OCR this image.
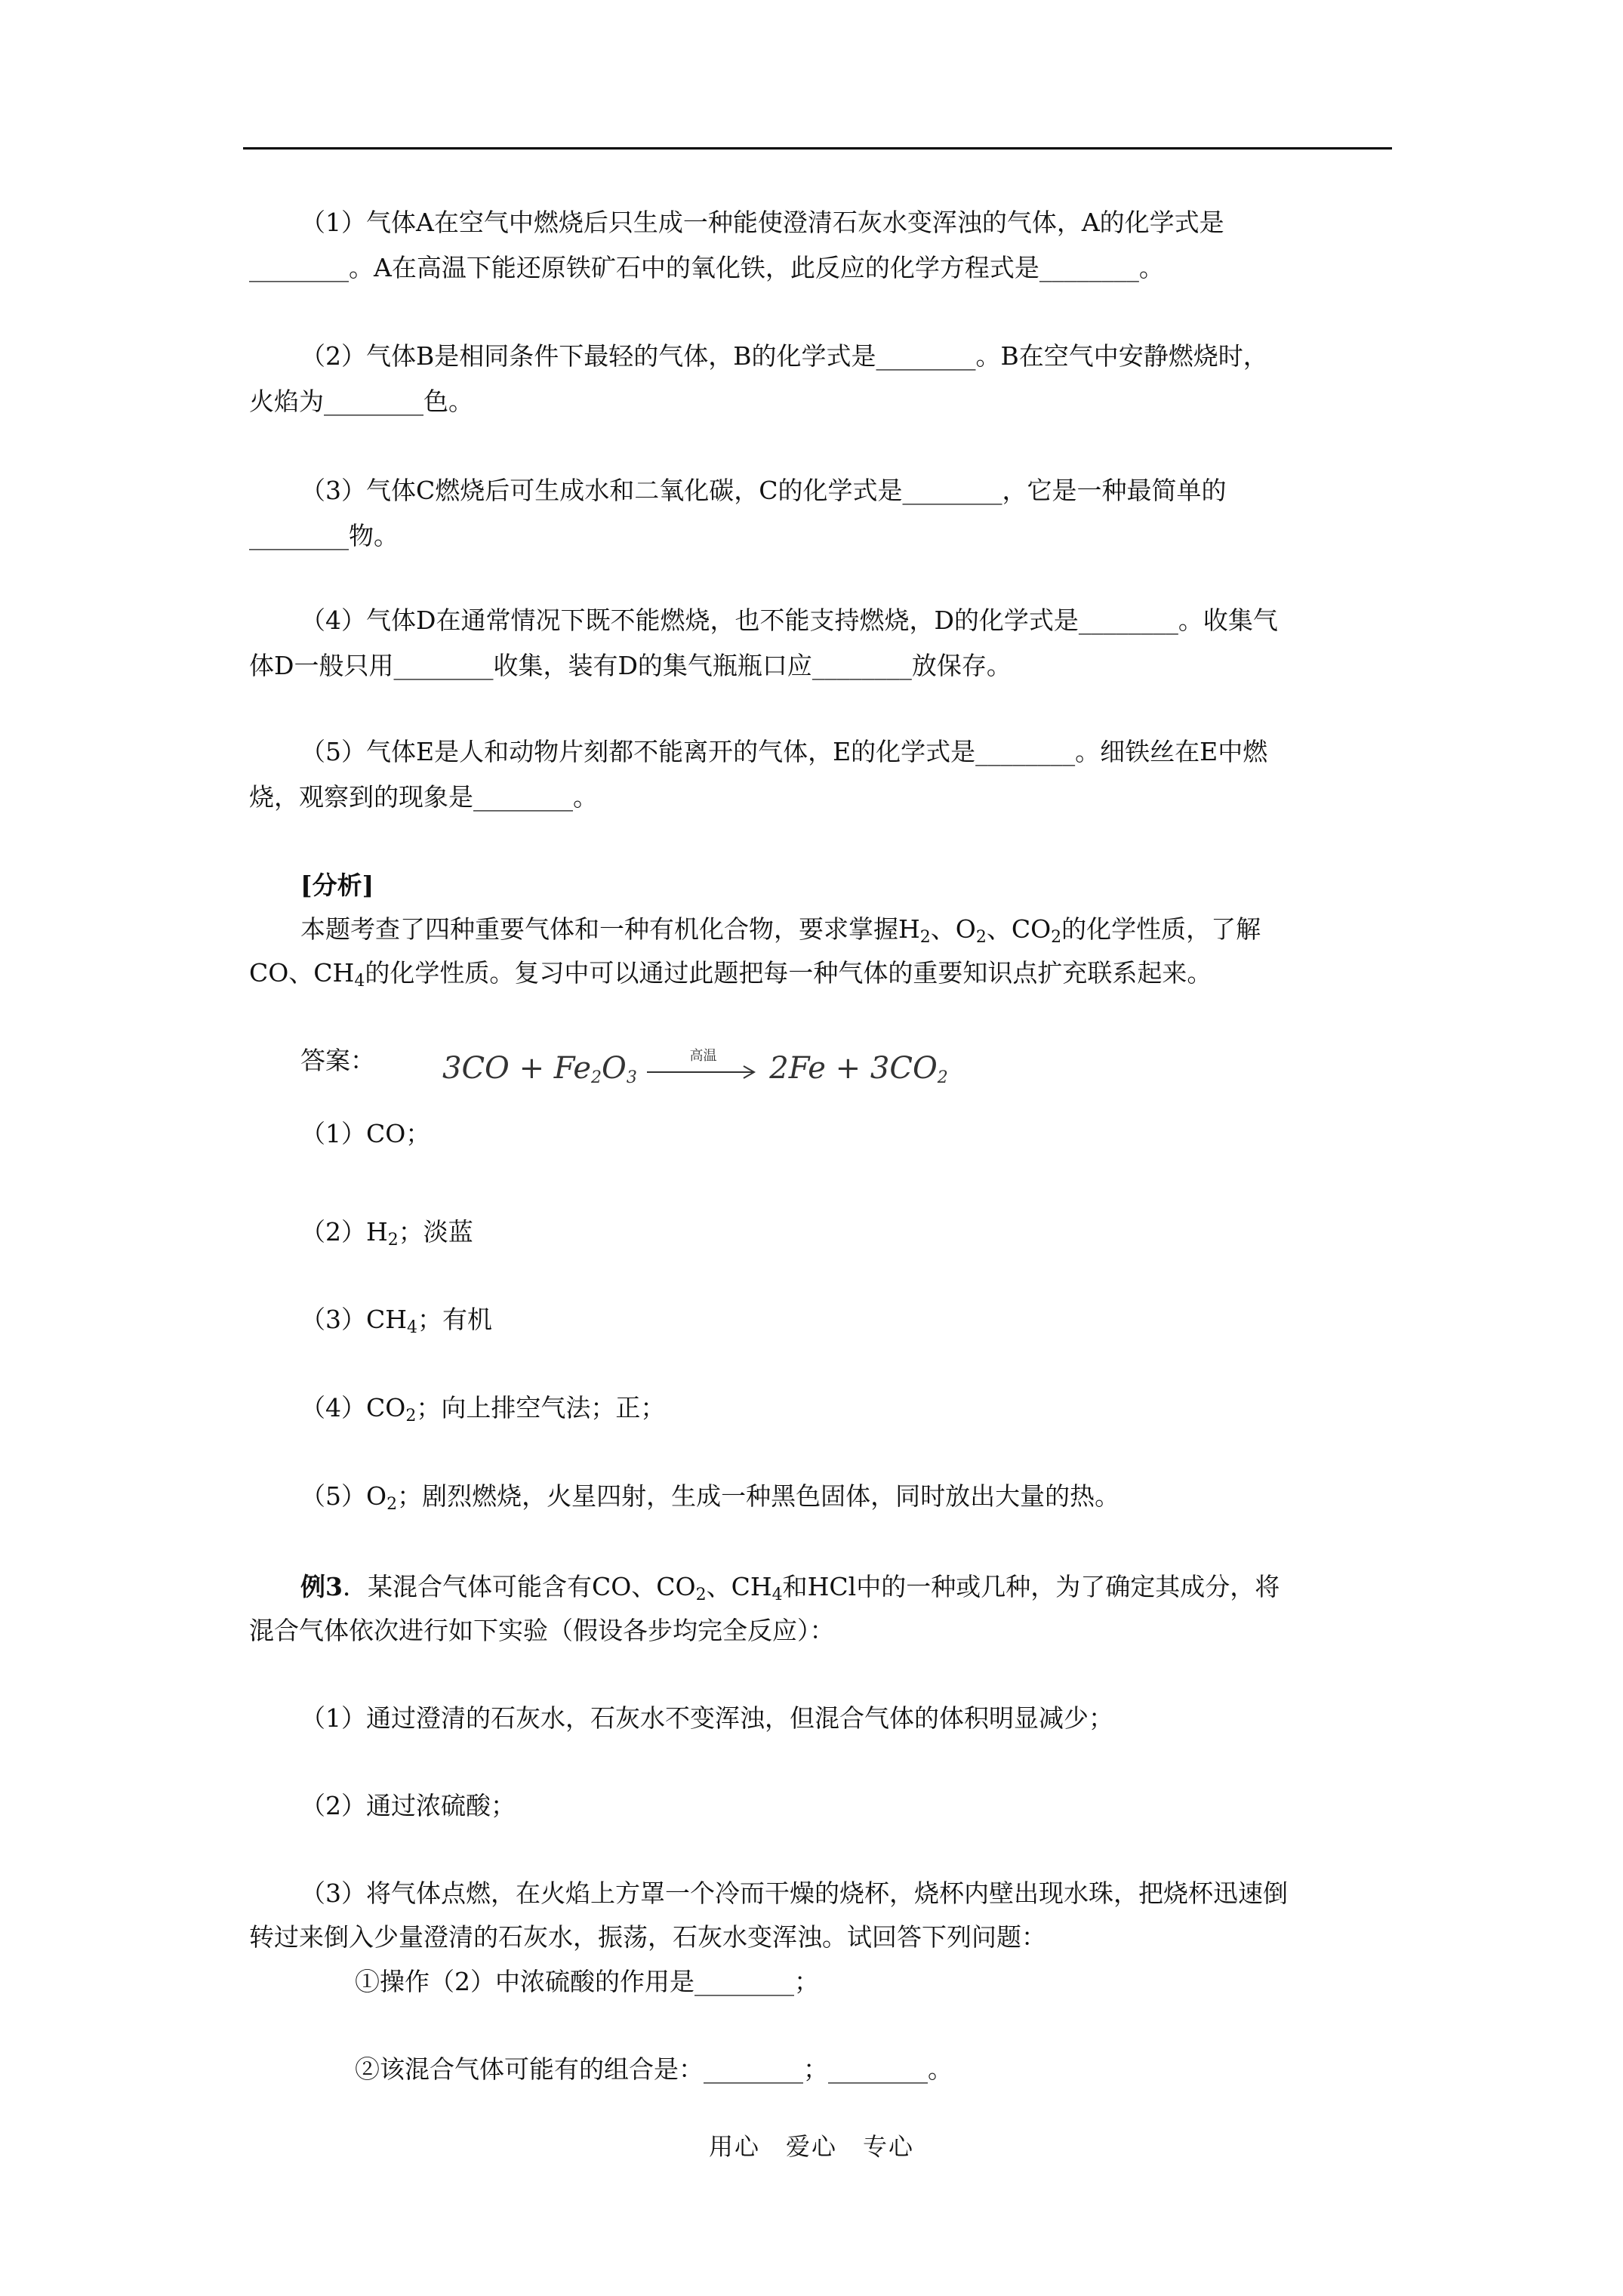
（1）气体A在空气中燃烧后只生成一种能使澄清石灰水变浑浊的气体，A的化学式是

________。A在高温下能还原铁矿石中的氧化铁，此反应的化学方程式是________。

（2）气体B是相同条件下最轻的气体，B的化学式是________。B在空气中安静燃烧时，

火焰为________色。

（3）气体C燃烧后可生成水和二氧化碳，C的化学式是________，它是一种最简单的

________物。

（4）气体D在通常情况下既不能燃烧，也不能支持燃烧，D的化学式是________。收集气

体D一般只用________收集，装有D的集气瓶瓶口应________放保存。

（5）气体E是人和动物片刻都不能离开的气体，E的化学式是________。细铁丝在E中燃

烧，观察到的现象是________。

[分析]

本题考查了四种重要气体和一种有机化合物，要求掌握$H_2$、$O_2$、$CO_2$的化学性质，了解

CO、$CH_4$的化学性质。复习中可以通过此题把每一种气体的重要知识点扩充联系起来。

答案：

（1）CO；

$3CO + Fe_2O_3$
高温	$2Fe + 3CO_2$

$(2)H_2$；淡蓝

$(3)CH_4$；有机

$(4)CO_2$；向上排空气法；正；

$(5)O_2$；剧烈燃烧，火星四射，生成一种黑色固体，同时放出大量的热。

例3．某混合气体可能含有CO、$CO_2$、$CH_4$和HCl中的一种或几种，为了确定其成分，将

混合气体依次进行如下实验（假设各步均完全反应）：

（1）通过澄清的石灰水，石灰水不变浑浊，但混合气体的体积明显减少；

（2）通过浓硫酸；

（3）将气体点燃，在火焰上方罩一个冷而干燥的烧杯，烧杯内壁出现水珠，把烧杯迅速倒

转过来倒入少量澄清的石灰水，振荡，石灰水变浑浊。试回答下列问题：

①操作（2）中浓硫酸的作用是________；

②该混合气体可能有的组合是：________；________。

用心　爱心　专心
